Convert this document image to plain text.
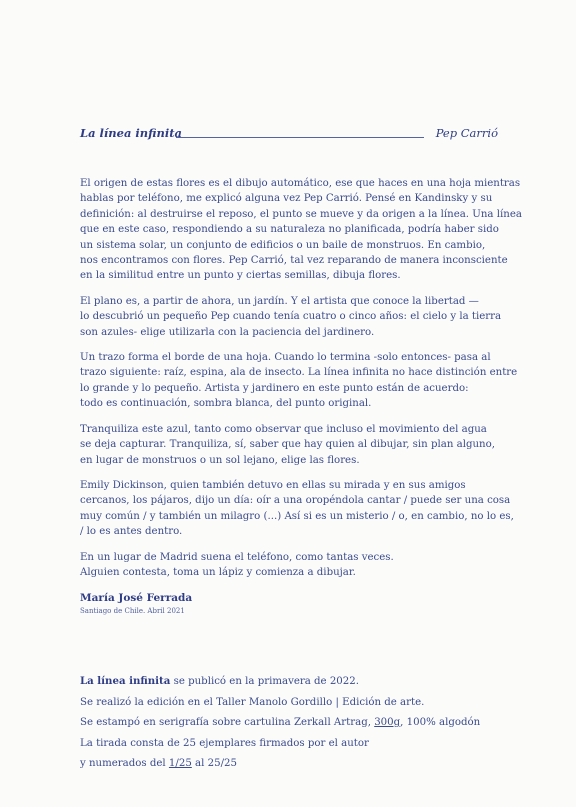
La línea infinita	Pep Carrió

El origen de estas flores es el dibujo automático, ese que haces en una hoja mientras
hablas por teléfono, me explicó alguna vez Pep Carrió. Pensé en Kandinsky y su
definición: al destruirse el reposo, el punto se mueve y da origen a la línea. Una línea
que en este caso, respondiendo a su naturaleza no planificada, podría haber sido
un sistema solar, un conjunto de edificios o un baile de monstruos. En cambio,
nos encontramos con flores. Pep Carrió, tal vez reparando de manera inconsciente
en la similitud entre un punto y ciertas semillas, dibuja flores.

El plano es, a partir de ahora, un jardín. Y el artista que conoce la libertad —
lo descubrió un pequeño Pep cuando tenía cuatro o cinco años: el cielo y la tierra
son azules- elige utilizarla con la paciencia del jardinero.

Un trazo forma el borde de una hoja. Cuando lo termina -solo entonces- pasa al
trazo siguiente: raíz, espina, ala de insecto. La línea infinita no hace distinción entre
lo grande y lo pequeño. Artista y jardinero en este punto están de acuerdo:
todo es continuación, sombra blanca, del punto original.

Tranquiliza este azul, tanto como observar que incluso el movimiento del agua
se deja capturar. Tranquiliza, sí, saber que hay quien al dibujar, sin plan alguno,
en lugar de monstruos o un sol lejano, elige las flores.

Emily Dickinson, quien también detuvo en ellas su mirada y en sus amigos
cercanos, los pájaros, dijo un día: oír a una oropéndola cantar / puede ser una cosa
muy común / y también un milagro (...) Así si es un misterio / o, en cambio, no lo es,
/ lo es antes dentro.

En un lugar de Madrid suena el teléfono, como tantas veces.
Alguien contesta, toma un lápiz y comienza a dibujar.

María José Ferrada
Santiago de Chile. Abril 2021
La línea infinita se publicó en la primavera de 2022.
Se realizó la edición en el Taller Manolo Gordillo | Edición de arte.
Se estampó en serigrafía sobre cartulina Zerkall Artrag, 300g, 100% algodón
La tirada consta de 25 ejemplares firmados por el autor
y numerados del 1/25 al 25/25
